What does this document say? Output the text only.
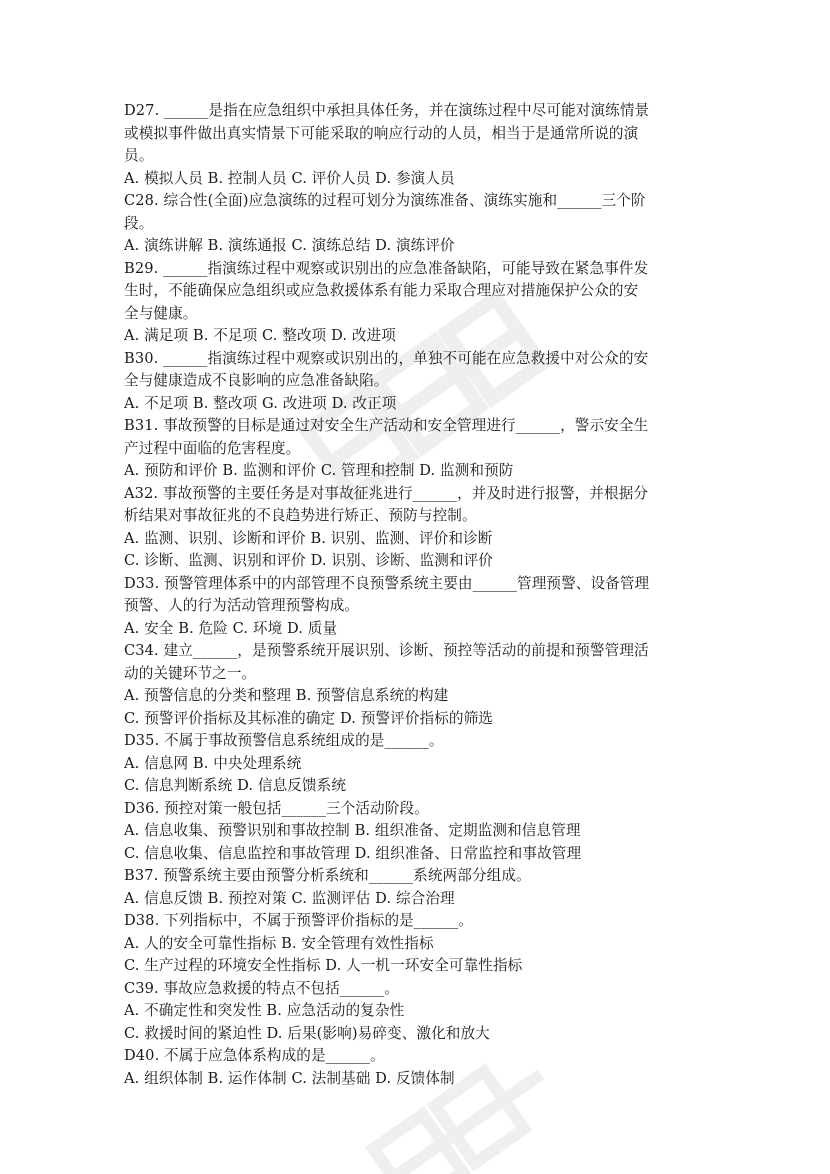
D27. ______是指在应急组织中承担具体任务，并在演练过程中尽可能对演练情景
或模拟事件做出真实情景下可能采取的响应行动的人员，相当于是通常所说的演
员。
A. 模拟人员 B. 控制人员 C. 评价人员 D. 参演人员
C28. 综合性(全面)应急演练的过程可划分为演练准备、演练实施和______三个阶
段。
A. 演练讲解 B. 演练通报 C. 演练总结 D. 演练评价
B29. ______指演练过程中观察或识别出的应急准备缺陷，可能导致在紧急事件发
生时，不能确保应急组织或应急救援体系有能力采取合理应对措施保护公众的安
全与健康。
A. 满足项 B. 不足项 C. 整改项 D. 改进项
B30. ______指演练过程中观察或识别出的，单独不可能在应急救援中对公众的安
全与健康造成不良影响的应急准备缺陷。
A. 不足项 B. 整改项 G. 改进项 D. 改正项
B31. 事故预警的目标是通过对安全生产活动和安全管理进行______，警示安全生
产过程中面临的危害程度。
A. 预防和评价 B. 监测和评价 C. 管理和控制 D. 监测和预防
A32. 事故预警的主要任务是对事故征兆进行______，并及时进行报警，并根据分
析结果对事故征兆的不良趋势进行矫正、预防与控制。
A. 监测、识别、诊断和评价 B. 识别、监测、评价和诊断
C. 诊断、监测、识别和评价 D. 识别、诊断、监测和评价
D33. 预警管理体系中的内部管理不良预警系统主要由______管理预警、设备管理
预警、人的行为活动管理预警构成。
A. 安全 B. 危险 C. 环境 D. 质量
C34. 建立______，是预警系统开展识别、诊断、预控等活动的前提和预警管理活
动的关键环节之一。
A. 预警信息的分类和整理 B. 预警信息系统的构建
C. 预警评价指标及其标准的确定 D. 预警评价指标的筛选
D35. 不属于事故预警信息系统组成的是______。
A. 信息网 B. 中央处理系统
C. 信息判断系统 D. 信息反馈系统
D36. 预控对策一般包括______三个活动阶段。
A. 信息收集、预警识别和事故控制 B. 组织准备、定期监测和信息管理
C. 信息收集、信息监控和事故管理 D. 组织准备、日常监控和事故管理
B37. 预警系统主要由预警分析系统和______系统两部分组成。
A. 信息反馈 B. 预控对策 C. 监测评估 D. 综合治理
D38. 下列指标中，不属于预警评价指标的是______。
A. 人的安全可靠性指标 B. 安全管理有效性指标
C. 生产过程的环境安全性指标 D. 人一机一环安全可靠性指标
C39. 事故应急救援的特点不包括______。
A. 不确定性和突发性 B. 应急活动的复杂性
C. 救援时间的紧迫性 D. 后果(影响)易碎变、激化和放大
D40. 不属于应急体系构成的是______。
A. 组织体制 B. 运作体制 C. 法制基础 D. 反馈体制
